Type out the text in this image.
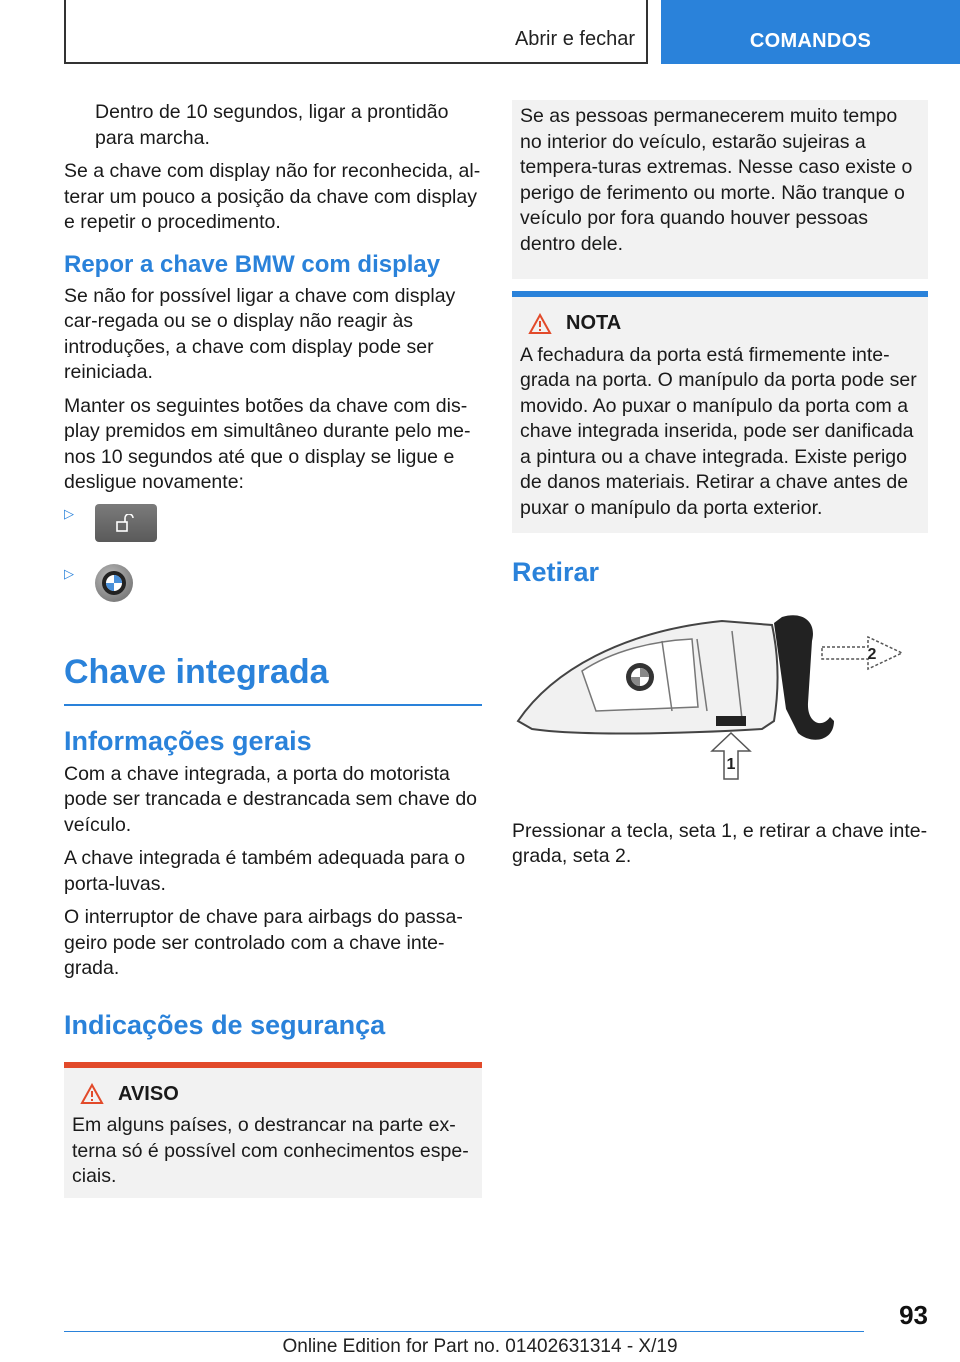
Abrir e fechar	COMANDOS

Dentro de 10 segundos, ligar a prontidão para marcha.

Se a chave com display não for reconhecida, al-terar um pouco a posição da chave com display e repetir o procedimento.

Repor a chave BMW com display

Se não for possível ligar a chave com display car-regada ou se o display não reagir às introduções, a chave com display pode ser reiniciada.

Manter os seguintes botões da chave com dis-play premidos em simultâneo durante pelo me-nos 10 segundos até que o display se ligue e desligue novamente:

▷
▷
Chave integrada
Informações gerais

Com a chave integrada, a porta do motorista pode ser trancada e destrancada sem chave do veículo.

A chave integrada é também adequada para o porta-luvas.

O interruptor de chave para airbags do passa-geiro pode ser controlado com a chave inte-grada.

Indicações de segurança
AVISO

Em alguns países, o destrancar na parte ex-terna só é possível com conhecimentos espe-ciais.

Se as pessoas permanecerem muito tempo no interior do veículo, estarão sujeiras a tempera-turas extremas. Nesse caso existe o perigo de ferimento ou morte. Não tranque o veículo por fora quando houver pessoas dentro dele.

NOTA

A fechadura da porta está firmemente inte-grada na porta. O manípulo da porta pode ser movido. Ao puxar o manípulo da porta com a chave integrada inserida, pode ser danificada a pintura ou a chave integrada. Existe perigo de danos materiais. Retirar a chave antes de puxar o manípulo da porta exterior.

Retirar
1
2

Pressionar a tecla, seta 1, e retirar a chave inte-grada, seta 2.

93
Online Edition for Part no. 01402631314 - X/19
